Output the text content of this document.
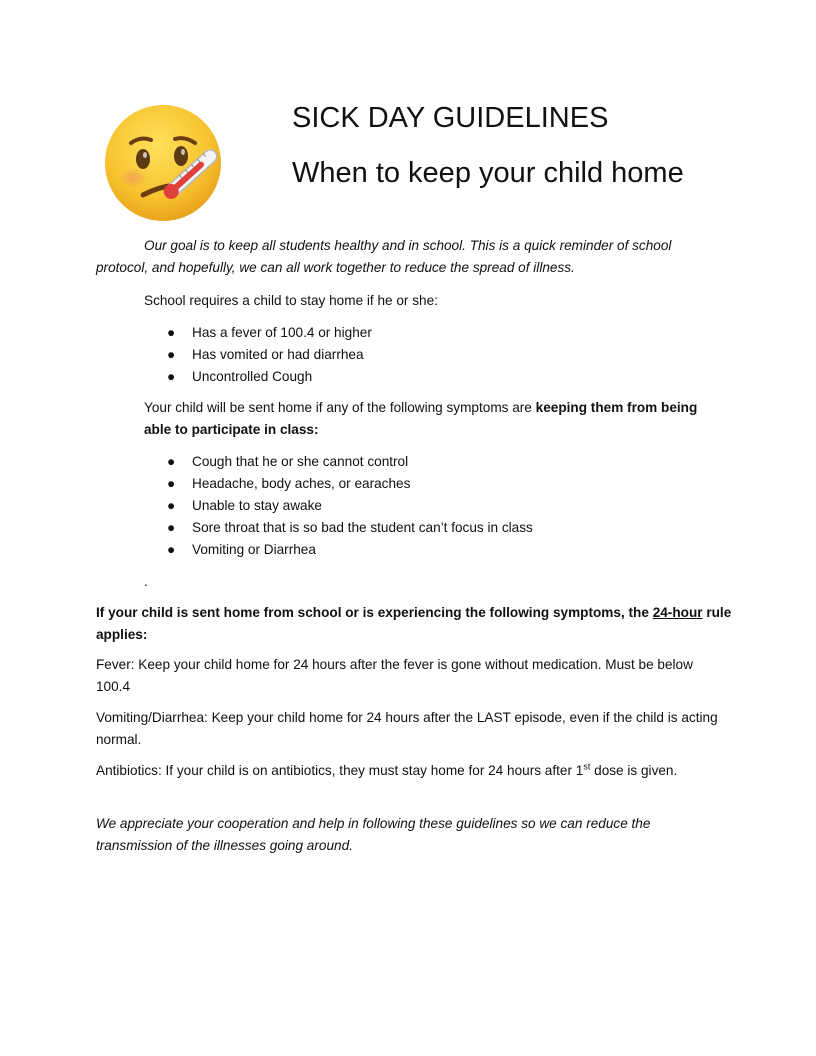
SICK DAY GUIDELINES
When to keep your child home

Our goal is to keep all students healthy and in school. This is a quick reminder of school protocol, and hopefully, we can all work together to reduce the spread of illness.

School requires a child to stay home if he or she:

● Has a fever of 100.4 or higher
● Has vomited or had diarrhea
● Uncontrolled Cough

Your child will be sent home if any of the following symptoms are keeping them from being able to participate in class:

● Cough that he or she cannot control
● Headache, body aches, or earaches
● Unable to stay awake
● Sore throat that is so bad the student can’t focus in class
● Vomiting or Diarrhea

.

If your child is sent home from school or is experiencing the following symptoms, the 24-hour rule applies:

Fever: Keep your child home for 24 hours after the fever is gone without medication. Must be below 100.4

Vomiting/Diarrhea: Keep your child home for 24 hours after the LAST episode, even if the child is acting normal.

Antibiotics: If your child is on antibiotics, they must stay home for 24 hours after 1st dose is given.

We appreciate your cooperation and help in following these guidelines so we can reduce the transmission of the illnesses going around.
